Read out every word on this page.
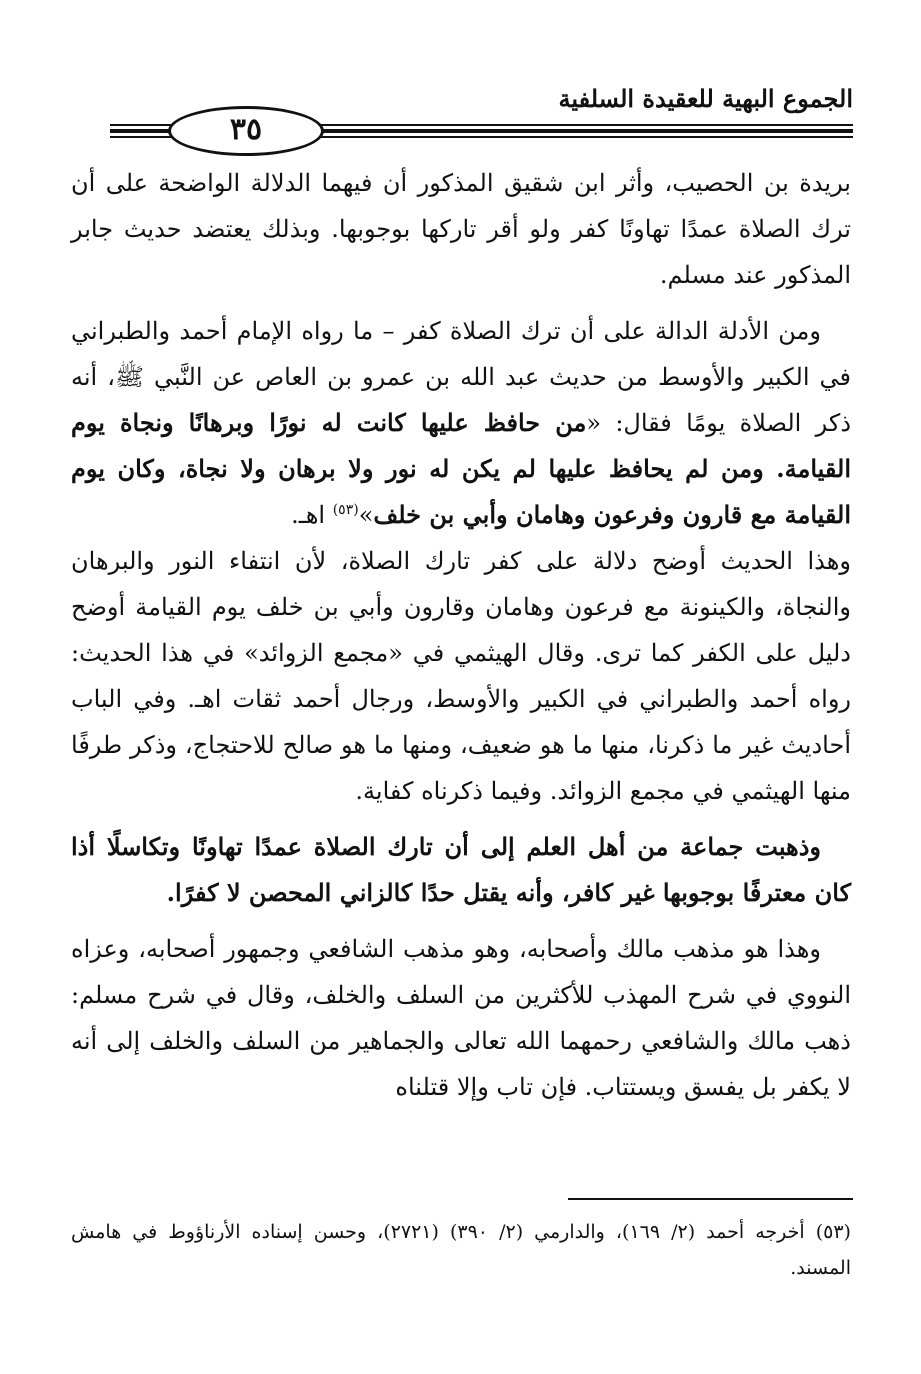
الجموع البهية للعقيدة السلفية
٣٥

بريدة بن الحصيب، وأثر ابن شقيق المذكور أن فيهما الدلالة الواضحة على أن ترك الصلاة عمدًا تهاونًا كفر ولو أقر تاركها بوجوبها. وبذلك يعتضد حديث جابر المذكور عند مسلم.

ومن الأدلة الدالة على أن ترك الصلاة كفر – ما رواه الإمام أحمد والطبراني في الكبير والأوسط من حديث عبد الله بن عمرو بن العاص عن النَّبي ﷺ، أنه ذكر الصلاة يومًا فقال: «من حافظ عليها كانت له نورًا وبرهانًا ونجاة يوم القيامة. ومن لم يحافظ عليها لم يكن له نور ولا برهان ولا نجاة، وكان يوم القيامة مع قارون وفرعون وهامان وأبي بن خلف»$^{(٥٣)}$ اهـ.

وهذا الحديث أوضح دلالة على كفر تارك الصلاة، لأن انتفاء النور والبرهان والنجاة، والكينونة مع فرعون وهامان وقارون وأبي بن خلف يوم القيامة أوضح دليل على الكفر كما ترى. وقال الهيثمي في «مجمع الزوائد» في هذا الحديث: رواه أحمد والطبراني في الكبير والأوسط، ورجال أحمد ثقات اهـ. وفي الباب أحاديث غير ما ذكرنا، منها ما هو ضعيف، ومنها ما هو صالح للاحتجاج، وذكر طرفًا منها الهيثمي في مجمع الزوائد. وفيما ذكرناه كفاية.

وذهبت جماعة من أهل العلم إلى أن تارك الصلاة عمدًا تهاونًا وتكاسلًا أذا كان معترفًا بوجوبها غير كافر، وأنه يقتل حدًا كالزاني المحصن لا كفرًا.

وهذا هو مذهب مالك وأصحابه، وهو مذهب الشافعي وجمهور أصحابه، وعزاه النووي في شرح المهذب للأكثرين من السلف والخلف، وقال في شرح مسلم: ذهب مالك والشافعي رحمهما الله تعالى والجماهير من السلف والخلف إلى أنه لا يكفر بل يفسق ويستتاب. فإن تاب وإلا قتلناه

(٥٣) أخرجه أحمد (٢/ ١٦٩)، والدارمي (٢/ ٣٩٠) (٢٧٢١)، وحسن إسناده الأرناؤوط في هامش المسند.
